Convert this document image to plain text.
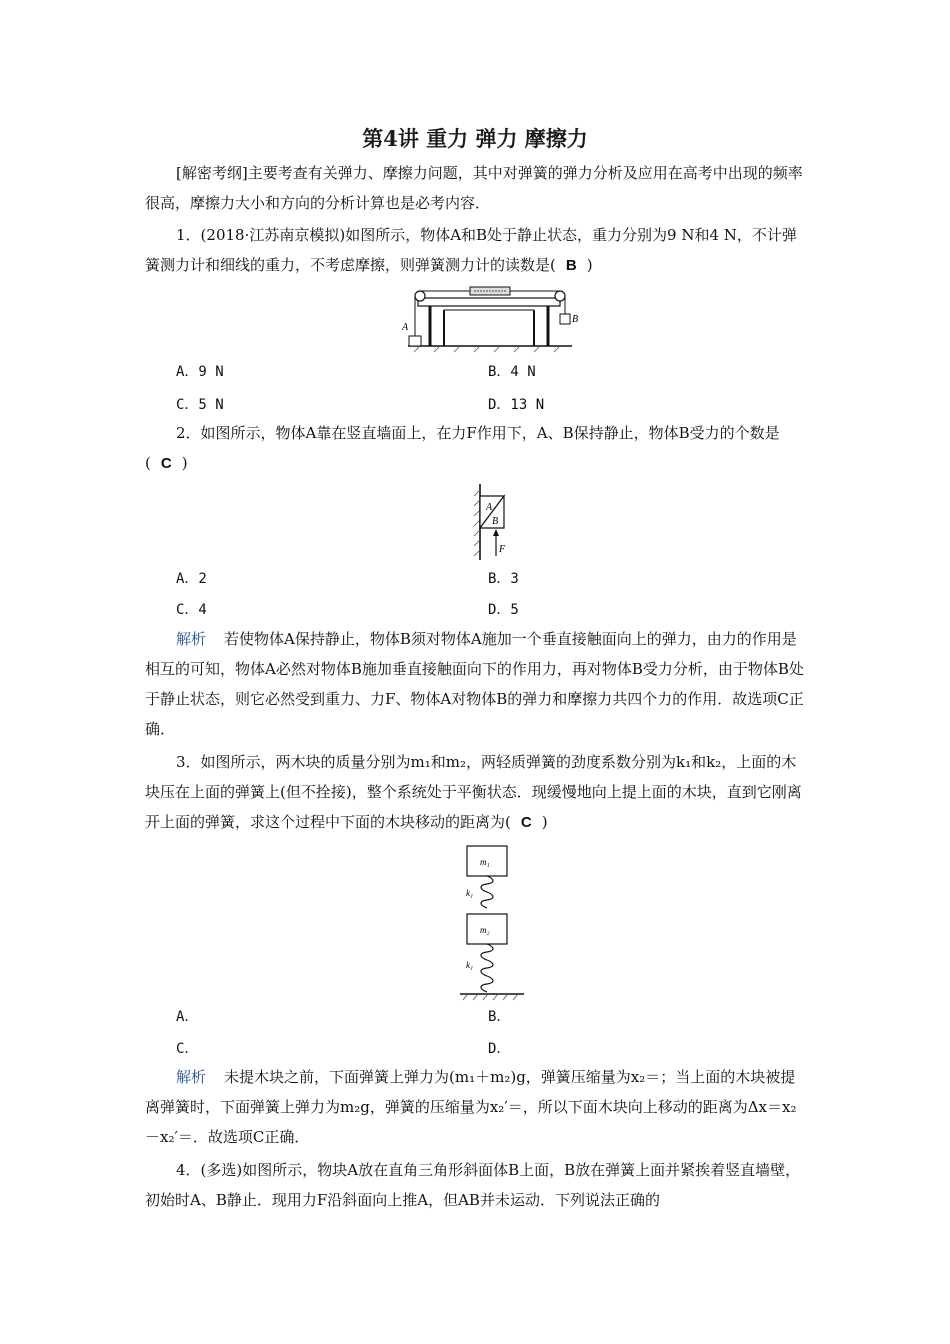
第4讲 重力 弹力 摩擦力

[解密考纲]主要考查有关弹力、摩擦力问题，其中对弹簧的弹力分析及应用在高考中出现的频率很高，摩擦力大小和方向的分析计算也是必考内容．

1．(2018·江苏南京模拟)如图所示，物体A和B处于静止状态，重力分别为9 N和4 N，不计弹簧测力计和细线的重力，不考虑摩擦，则弹簧测力计的读数是( B )

A
B
A．9 N	B．4 N
C．5 N	D．13 N

2．如图所示，物体A靠在竖直墙面上，在力F作用下，A、B保持静止，物体B受力的个数是( C )

A
B
F
A．2	B．3
C．4	D．5

解析 若使物体A保持静止，物体B须对物体A施加一个垂直接触面向上的弹力，由力的作用是相互的可知，物体A必然对物体B施加垂直接触面向下的作用力，再对物体B受力分析，由于物体B处于静止状态，则它必然受到重力、力F、物体A对物体B的弹力和摩擦力共四个力的作用．故选项C正确．

3．如图所示，两木块的质量分别为m₁和m₂，两轻质弹簧的劲度系数分别为k₁和k₂，上面的木块压在上面的弹簧上(但不拴接)，整个系统处于平衡状态．现缓慢地向上提上面的木块，直到它刚离开上面的弹簧，求这个过程中下面的木块移动的距离为( C )

m₁
k₁
m₂
k₁
A．	B．
C．	D．

解析 未提木块之前，下面弹簧上弹力为(m₁＋m₂)g，弹簧压缩量为x₂＝；当上面的木块被提离弹簧时，下面弹簧上弹力为m₂g，弹簧的压缩量为x₂′＝，所以下面木块向上移动的距离为Δx＝x₂－x₂′＝．故选项C正确．

4．(多选)如图所示，物块A放在直角三角形斜面体B上面，B放在弹簧上面并紧挨着竖直墙壁，初始时A、B静止．现用力F沿斜面向上推A，但AB并未运动．下列说法正确的
